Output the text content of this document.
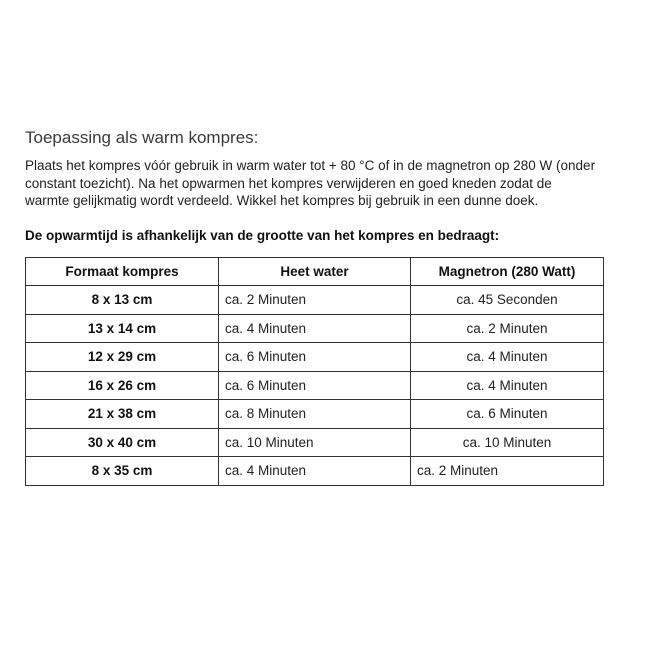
Toepassing als warm kompres:
Plaats het kompres vóór gebruik in warm water tot + 80 °C of in de magnetron op 280 W (onder
constant toezicht). Na het opwarmen het kompres verwijderen en goed kneden zodat de
warmte gelijkmatig wordt verdeeld. Wikkel het kompres bij gebruik in een dunne doek.
De opwarmtijd is afhankelijk van de grootte van het kompres en bedraagt:
Formaat kompres	Heet water	Magnetron (280 Watt)
8 x 13 cm	ca. 2 Minuten	ca. 45 Seconden
13 x 14 cm	ca. 4 Minuten	ca. 2 Minuten
12 x 29 cm	ca. 6 Minuten	ca. 4 Minuten
16 x 26 cm	ca. 6 Minuten	ca. 4 Minuten
21 x 38 cm	ca. 8 Minuten	ca. 6 Minuten
30 x 40 cm	ca. 10 Minuten	ca. 10 Minuten
8 x 35 cm	ca. 4 Minuten	ca. 2 Minuten
